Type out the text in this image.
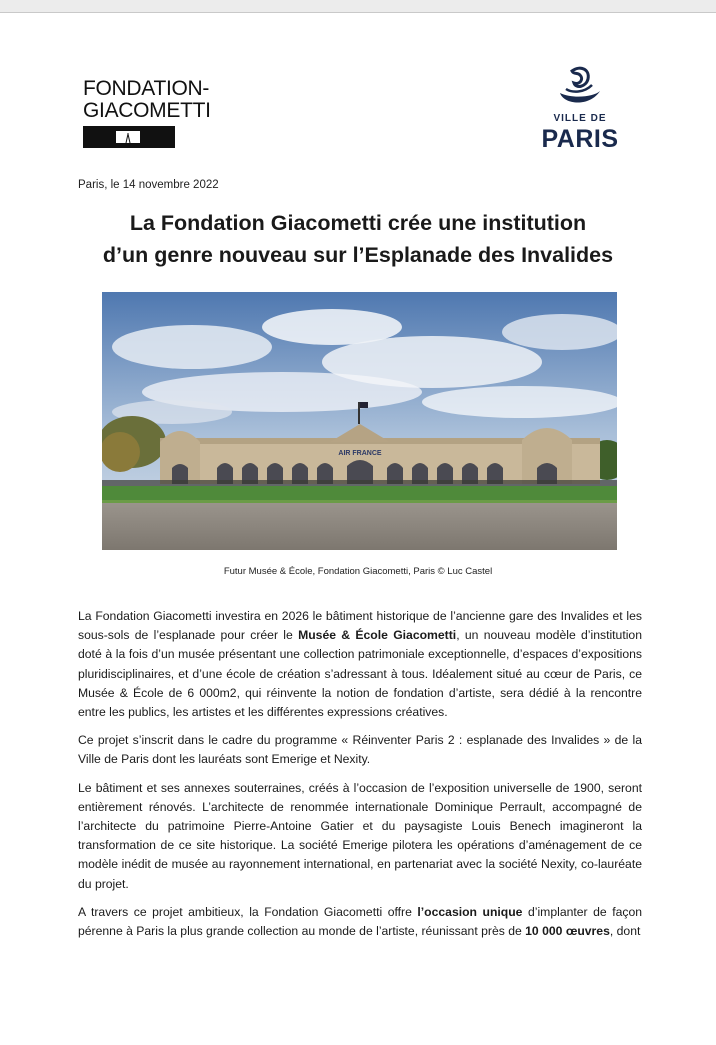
FONDATION-
GIACOMETTI	VILLE DE
PARIS
Paris, le 14 novembre 2022
La Fondation Giacometti crée une institution
d’un genre nouveau sur l’Esplanade des Invalides
AIR FRANCE
Futur Musée & École, Fondation Giacometti, Paris © Luc Castel

La Fondation Giacometti investira en 2026 le bâtiment historique de l’ancienne gare des Invalides et les sous-sols de l’esplanade pour créer le Musée & École Giacometti, un nouveau modèle d’institution doté à la fois d’un musée présentant une collection patrimoniale exceptionnelle, d’espaces d’expositions pluridisciplinaires, et d’une école de création s’adressant à tous. Idéalement situé au cœur de Paris, ce Musée & École de 6 000m2, qui réinvente la notion de fondation d’artiste, sera dédié à la rencontre entre les publics, les artistes et les différentes expressions créatives.

Ce projet s’inscrit dans le cadre du programme « Réinventer Paris 2 : esplanade des Invalides » de la Ville de Paris dont les lauréats sont Emerige et Nexity.

Le bâtiment et ses annexes souterraines, créés à l’occasion de l’exposition universelle de 1900, seront entièrement rénovés. L’architecte de renommée internationale Dominique Perrault, accompagné de l’architecte du patrimoine Pierre-Antoine Gatier et du paysagiste Louis Benech imagineront la transformation de ce site historique. La société Emerige pilotera les opérations d’aménagement de ce modèle inédit de musée au rayonnement international, en partenariat avec la société Nexity, co-lauréate du projet.

A travers ce projet ambitieux, la Fondation Giacometti offre l’occasion unique d’implanter de façon pérenne à Paris la plus grande collection au monde de l’artiste, réunissant près de 10 000 œuvres, dont
